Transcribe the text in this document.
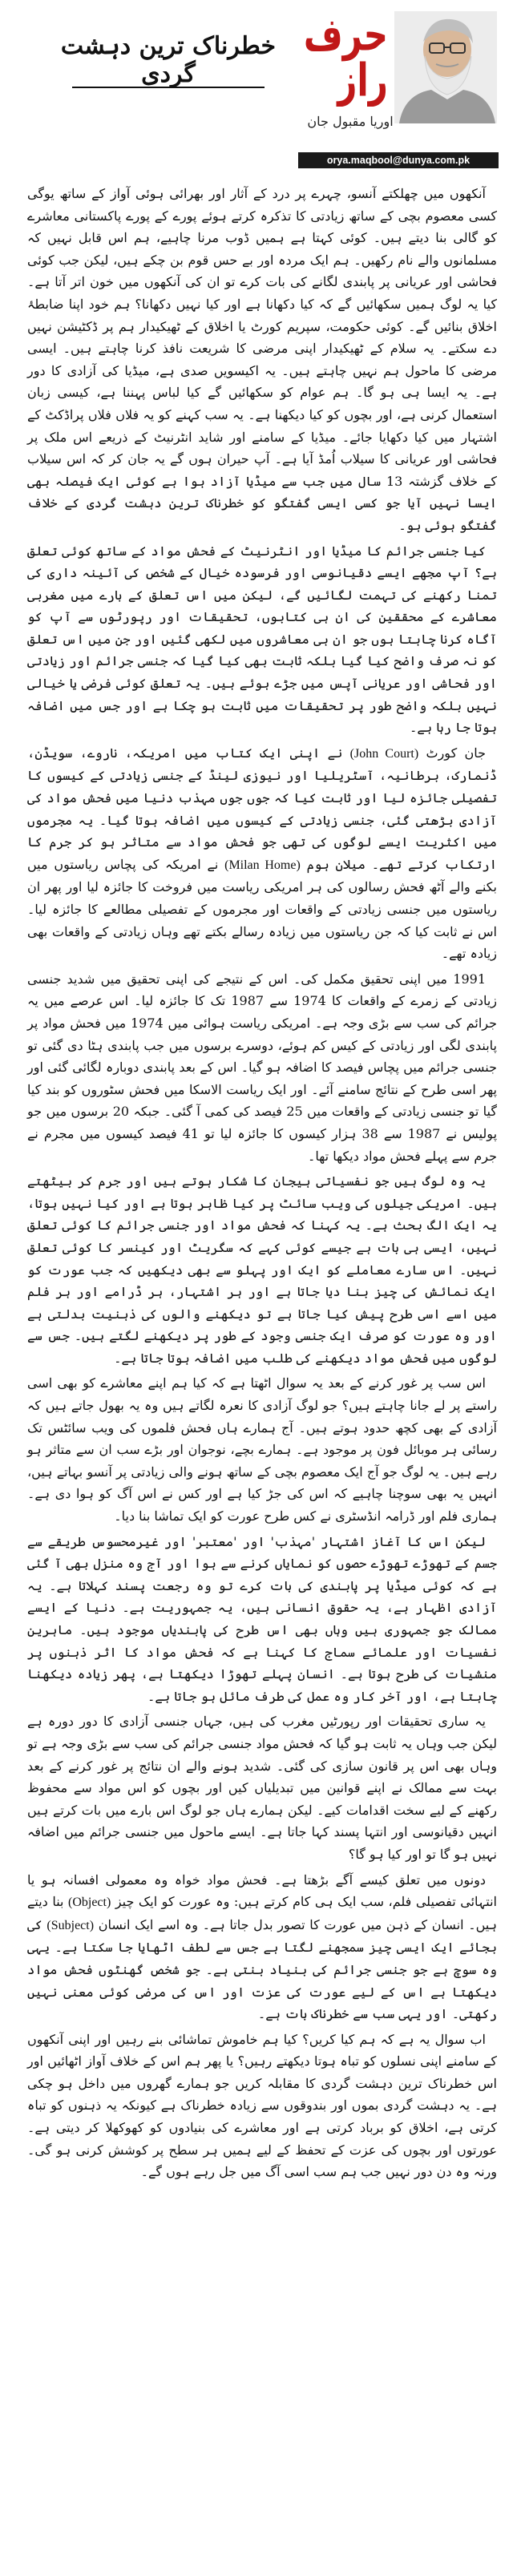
خطرناک ترین دہشت گردی
حرف راز
اوریا مقبول جان
orya.maqbool@dunya.com.pk

آنکھوں میں چھلکتے آنسو، چہرے پر درد کے آثار اور بھرائی ہوئی آواز کے ساتھ یوگی کسی معصوم بچی کے ساتھ زیادتی کا تذکرہ کرتے ہوئے پورے کے پورے پاکستانی معاشرے کو گالی بنا دیتے ہیں۔ کوئی کہتا ہے ہمیں ڈوب مرنا چاہیے، ہم اس قابل نہیں کہ مسلمانوں والے نام رکھیں۔ ہم ایک مردہ اور بے حس قوم بن چکے ہیں، لیکن جب کوئی فحاشی اور عریانی پر پابندی لگانے کی بات کرے تو ان کی آنکھوں میں خون اتر آتا ہے۔ کیا یہ لوگ ہمیں سکھائیں گے کہ کیا دکھانا ہے اور کیا نہیں دکھانا؟ ہم خود اپنا ضابطۂ اخلاق بنائیں گے۔ کوئی حکومت، سپریم کورٹ یا اخلاق کے ٹھیکیدار ہم پر ڈکٹیشن نہیں دے سکتے۔ یہ سلام کے ٹھیکیدار اپنی مرضی کا شریعت نافذ کرنا چاہتے ہیں۔ ایسی مرضی کا ماحول ہم نہیں چاہتے ہیں۔ یہ اکیسویں صدی ہے، میڈیا کی آزادی کا دور ہے۔ یہ ایسا ہی ہو گا۔ ہم عوام کو سکھائیں گے کیا لباس پہننا ہے، کیسی زبان استعمال کرنی ہے، اور بچوں کو کیا دیکھنا ہے۔ یہ سب کہنے کو یہ فلاں فلاں پراڈکٹ کے اشتہار میں کیا دکھایا جائے۔ میڈیا کے سامنے اور شاید انٹرنیٹ کے ذریعے اس ملک پر فحاشی اور عریانی کا سیلاب اُمڈ آیا ہے۔ آپ حیران ہوں گے یہ جان کر کہ اس سیلاب کے خلاف گزشتہ 13 سال میں جب سے میڈیا آزاد ہوا ہے کوئی ایک فیصلہ بھی ایسا نہیں آیا جو کسی ایسی گفتگو کو خطرناک ترین دہشت گردی کے خلاف گفتگو ہوئی ہو۔

کیا جنسی جرائم کا میڈیا اور انٹرنیٹ کے فحش مواد کے ساتھ کوئی تعلق ہے؟ آپ مجھے ایسے دقیانوسی اور فرسودہ خیال کے شخص کی آئینہ داری کی تمنا رکھنے کی تہمت لگائیں گے، لیکن میں اس تعلق کے بارے میں مغربی معاشرے کے محققین کی ان ہی کتابوں، تحقیقات اور رپورٹوں سے آپ کو آگاہ کرنا چاہتا ہوں جو ان ہی معاشروں میں لکھی گئیں اور جن میں اس تعلق کو نہ صرف واضح کیا گیا بلکہ ثابت بھی کیا گیا کہ جنسی جرائم اور زیادتی اور فحاشی اور عریانی آپس میں جڑے ہوئے ہیں۔ یہ تعلق کوئی فرضی یا خیالی نہیں بلکہ واضح طور پر تحقیقات میں ثابت ہو چکا ہے اور جس میں اضافہ ہوتا جا رہا ہے۔

جان کورٹ (John Court) نے اپنی ایک کتاب میں امریکہ، ناروے، سویڈن، ڈنمارک، برطانیہ، آسٹریلیا اور نیوزی لینڈ کے جنسی زیادتی کے کیسوں کا تفصیلی جائزہ لیا اور ثابت کیا کہ جوں جوں مہذب دنیا میں فحش مواد کی آزادی بڑھتی گئی، جنسی زیادتی کے کیسوں میں اضافہ ہوتا گیا۔ یہ مجرموں میں اکثریت ایسے لوگوں کی تھی جو فحش مواد سے متاثر ہو کر جرم کا ارتکاب کرتے تھے۔ میلان ہوم (Milan Home) نے امریکہ کی پچاس ریاستوں میں بکنے والے آٹھ فحش رسالوں کی ہر امریکی ریاست میں فروخت کا جائزہ لیا اور پھر ان ریاستوں میں جنسی زیادتی کے واقعات اور مجرموں کے تفصیلی مطالعے کا جائزہ لیا۔ اس نے ثابت کیا کہ جن ریاستوں میں زیادہ رسالے بکتے تھے وہاں زیادتی کے واقعات بھی زیادہ تھے۔

1991 میں اپنی تحقیق مکمل کی۔ اس کے نتیجے کی اپنی تحقیق میں شدید جنسی زیادتی کے زمرے کے واقعات کا 1974 سے 1987 تک کا جائزہ لیا۔ اس عرصے میں یہ جرائم کی سب سے بڑی وجہ ہے۔ امریکی ریاست ہوائی میں 1974 میں فحش مواد پر پابندی لگی اور زیادتی کے کیس کم ہوئے، دوسرے برسوں میں جب پابندی ہٹا دی گئی تو جنسی جرائم میں پچاس فیصد کا اضافہ ہو گیا۔ اس کے بعد پابندی دوبارہ لگائی گئی اور پھر اسی طرح کے نتائج سامنے آئے۔ اور ایک ریاست الاسکا میں فحش سٹوروں کو بند کیا گیا تو جنسی زیادتی کے واقعات میں 25 فیصد کی کمی آ گئی۔ جبکہ 20 برسوں میں جو پولیس نے 1987 سے 38 ہزار کیسوں کا جائزہ لیا تو 41 فیصد کیسوں میں مجرم نے جرم سے پہلے فحش مواد دیکھا تھا۔

یہ وہ لوگ ہیں جو نفسیاتی ہیجان کا شکار ہوتے ہیں اور جرم کر بیٹھتے ہیں۔ امریکی جیلوں کی ویب سائٹ پر کیا ظاہر ہوتا ہے اور کیا نہیں ہوتا، یہ ایک الگ بحث ہے۔ یہ کہنا کہ فحش مواد اور جنسی جرائم کا کوئی تعلق نہیں، ایسی ہی بات ہے جیسے کوئی کہے کہ سگریٹ اور کینسر کا کوئی تعلق نہیں۔ اس سارے معاملے کو ایک اور پہلو سے بھی دیکھیں کہ جب عورت کو ایک نمائش کی چیز بنا دیا جاتا ہے اور ہر اشتہار، ہر ڈرامے اور ہر فلم میں اسے اسی طرح پیش کیا جاتا ہے تو دیکھنے والوں کی ذہنیت بدلتی ہے اور وہ عورت کو صرف ایک جنسی وجود کے طور پر دیکھنے لگتے ہیں۔ جس سے لوگوں میں فحش مواد دیکھنے کی طلب میں اضافہ ہوتا جاتا ہے۔

اس سب پر غور کرنے کے بعد یہ سوال اٹھتا ہے کہ کیا ہم اپنے معاشرے کو بھی اسی راستے پر لے جانا چاہتے ہیں؟ جو لوگ آزادی کا نعرہ لگاتے ہیں وہ یہ بھول جاتے ہیں کہ آزادی کے بھی کچھ حدود ہوتے ہیں۔ آج ہمارے ہاں فحش فلموں کی ویب سائٹس تک رسائی ہر موبائل فون پر موجود ہے۔ ہمارے بچے، نوجوان اور بڑے سب ان سے متاثر ہو رہے ہیں۔ یہ لوگ جو آج ایک معصوم بچی کے ساتھ ہونے والی زیادتی پر آنسو بہاتے ہیں، انہیں یہ بھی سوچنا چاہیے کہ اس کی جڑ کیا ہے اور کس نے اس آگ کو ہوا دی ہے۔ ہماری فلم اور ڈرامہ انڈسٹری نے کس طرح عورت کو ایک تماشا بنا دیا۔

لیکن اس کا آغاز اشتہار 'مہذب' اور 'معتبر' اور غیرمحسوس طریقے سے جسم کے تھوڑے تھوڑے حصوں کو نمایاں کرنے سے ہوا اور آج وہ منزل بھی آ گئی ہے کہ کوئی میڈیا پر پابندی کی بات کرے تو وہ رجعت پسند کہلاتا ہے۔ یہ آزادی اظہار ہے، یہ حقوق انسانی ہیں، یہ جمہوریت ہے۔ دنیا کے ایسے ممالک جو جمہوری ہیں وہاں بھی اس طرح کی پابندیاں موجود ہیں۔ ماہرین نفسیات اور علمائے سماج کا کہنا ہے کہ فحش مواد کا اثر ذہنوں پر منشیات کی طرح ہوتا ہے۔ انسان پہلے تھوڑا دیکھتا ہے، پھر زیادہ دیکھنا چاہتا ہے، اور آخر کار وہ عمل کی طرف مائل ہو جاتا ہے۔

یہ ساری تحقیقات اور رپورٹیں مغرب کی ہیں، جہاں جنسی آزادی کا دور دورہ ہے لیکن جب وہاں یہ ثابت ہو گیا کہ فحش مواد جنسی جرائم کی سب سے بڑی وجہ ہے تو وہاں بھی اس پر قانون سازی کی گئی۔ شدید ہونے والے ان نتائج پر غور کرنے کے بعد بہت سے ممالک نے اپنے قوانین میں تبدیلیاں کیں اور بچوں کو اس مواد سے محفوظ رکھنے کے لیے سخت اقدامات کیے۔ لیکن ہمارے ہاں جو لوگ اس بارے میں بات کرتے ہیں انہیں دقیانوسی اور انتہا پسند کہا جاتا ہے۔ ایسے ماحول میں جنسی جرائم میں اضافہ نہیں ہو گا تو اور کیا ہو گا؟

دونوں میں تعلق کیسے آگے بڑھتا ہے۔ فحش مواد خواہ وہ معمولی افسانہ ہو یا انتہائی تفصیلی فلم، سب ایک ہی کام کرتے ہیں: وہ عورت کو ایک چیز (Object) بنا دیتے ہیں۔ انسان کے ذہن میں عورت کا تصور بدل جاتا ہے۔ وہ اسے ایک انسان (Subject) کی بجائے ایک ایسی چیز سمجھنے لگتا ہے جس سے لطف اٹھایا جا سکتا ہے۔ یہی وہ سوچ ہے جو جنسی جرائم کی بنیاد بنتی ہے۔ جو شخص گھنٹوں فحش مواد دیکھتا ہے اس کے لیے عورت کی عزت اور اس کی مرضی کوئی معنی نہیں رکھتی۔ اور یہی سب سے خطرناک بات ہے۔

اب سوال یہ ہے کہ ہم کیا کریں؟ کیا ہم خاموش تماشائی بنے رہیں اور اپنی آنکھوں کے سامنے اپنی نسلوں کو تباہ ہوتا دیکھتے رہیں؟ یا پھر ہم اس کے خلاف آواز اٹھائیں اور اس خطرناک ترین دہشت گردی کا مقابلہ کریں جو ہمارے گھروں میں داخل ہو چکی ہے۔ یہ دہشت گردی بموں اور بندوقوں سے زیادہ خطرناک ہے کیونکہ یہ ذہنوں کو تباہ کرتی ہے، اخلاق کو برباد کرتی ہے اور معاشرے کی بنیادوں کو کھوکھلا کر دیتی ہے۔ عورتوں اور بچوں کی عزت کے تحفظ کے لیے ہمیں ہر سطح پر کوشش کرنی ہو گی۔ ورنہ وہ دن دور نہیں جب ہم سب اسی آگ میں جل رہے ہوں گے۔
